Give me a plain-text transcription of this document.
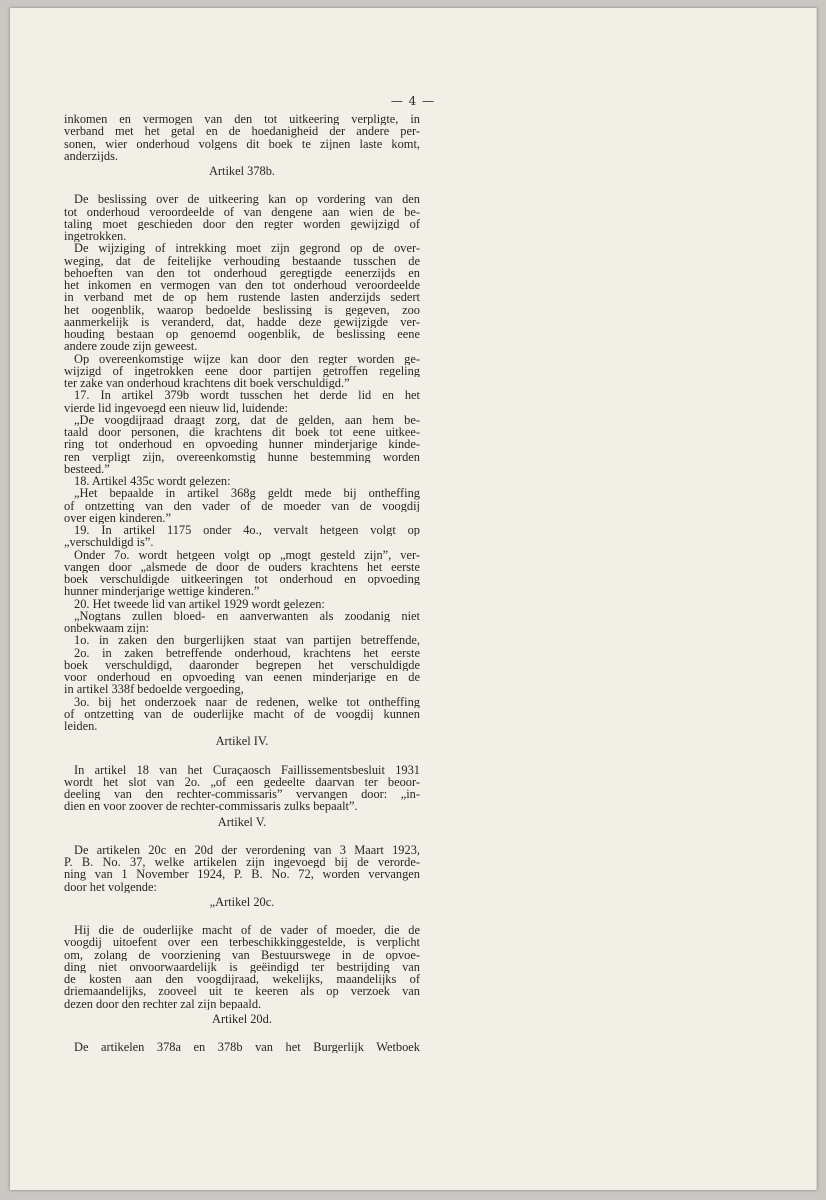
— 4 —

inkomen en vermogen van den tot uitkeering verpligte, in

verband met het getal en de hoedanigheid der andere per-

sonen, wier onderhoud volgens dit boek te zijnen laste komt,

anderzijds.

Artikel 378b.

De beslissing over de uitkeering kan op vordering van den

tot onderhoud veroordeelde of van dengene aan wien de be-

taling moet geschieden door den regter worden gewijzigd of

ingetrokken.

De wijziging of intrekking moet zijn gegrond op de over-

weging, dat de feitelijke verhouding bestaande tusschen de

behoeften van den tot onderhoud geregtigde eenerzijds en

het inkomen en vermogen van den tot onderhoud veroordeelde

in verband met de op hem rustende lasten anderzijds sedert

het oogenblik, waarop bedoelde beslissing is gegeven, zoo

aanmerkelijk is veranderd, dat, hadde deze gewijzigde ver-

houding bestaan op genoemd oogenblik, de beslissing eene

andere zoude zijn geweest.

Op overeenkomstige wijze kan door den regter worden ge-

wijzigd of ingetrokken eene door partijen getroffen regeling

ter zake van onderhoud krachtens dit boek verschuldigd.”

17. In artikel 379b wordt tusschen het derde lid en het

vierde lid ingevoegd een nieuw lid, luidende:

„De voogdijraad draagt zorg, dat de gelden, aan hem be-

taald door personen, die krachtens dit boek tot eene uitkee-

ring tot onderhoud en opvoeding hunner minderjarige kinde-

ren verpligt zijn, overeenkomstig hunne bestemming worden

besteed.”

18. Artikel 435c wordt gelezen:

„Het bepaalde in artikel 368g geldt mede bij ontheffing

of ontzetting van den vader of de moeder van de voogdij

over eigen kinderen.”

19. In artikel 1175 onder 4o., vervalt hetgeen volgt op

„verschuldigd is”.

Onder 7o. wordt hetgeen volgt op „mogt gesteld zijn”, ver-

vangen door „alsmede de door de ouders krachtens het eerste

boek verschuldigde uitkeeringen tot onderhoud en opvoeding

hunner minderjarige wettige kinderen.”

20. Het tweede lid van artikel 1929 wordt gelezen:

„Nogtans zullen bloed- en aanverwanten als zoodanig niet

onbekwaam zijn:

1o. in zaken den burgerlijken staat van partijen betreffende,

2o. in zaken betreffende onderhoud, krachtens het eerste

boek verschuldigd, daaronder begrepen het verschuldigde

voor onderhoud en opvoeding van eenen minderjarige en de

in artikel 338f bedoelde vergoeding,

3o. bij het onderzoek naar de redenen, welke tot ontheffing

of ontzetting van de ouderlijke macht of de voogdij kunnen

leiden.

Artikel IV.

In artikel 18 van het Curaçaosch Faillissementsbesluit 1931

wordt het slot van 2o. „of een gedeelte daarvan ter beoor-

deeling van den rechter-commissaris” vervangen door: „in-

dien en voor zoover de rechter-commissaris zulks bepaalt”.

Artikel V.

De artikelen 20c en 20d der verordening van 3 Maart 1923,

P. B. No. 37, welke artikelen zijn ingevoegd bij de verorde-

ning van 1 November 1924, P. B. No. 72, worden vervangen

door het volgende:

„Artikel 20c.

Hij die de ouderlijke macht of de vader of moeder, die de

voogdij uitoefent over een terbeschikkinggestelde, is verplicht

om, zolang de voorziening van Bestuurswege in de opvoe-

ding niet onvoorwaardelijk is geëindigd ter bestrijding van

de kosten aan den voogdijraad, wekelijks, maandelijks of

driemaandelijks, zooveel uit te keeren als op verzoek van

dezen door den rechter zal zijn bepaald.

Artikel 20d.

De artikelen 378a en 378b van het Burgerlijk Wetboek
